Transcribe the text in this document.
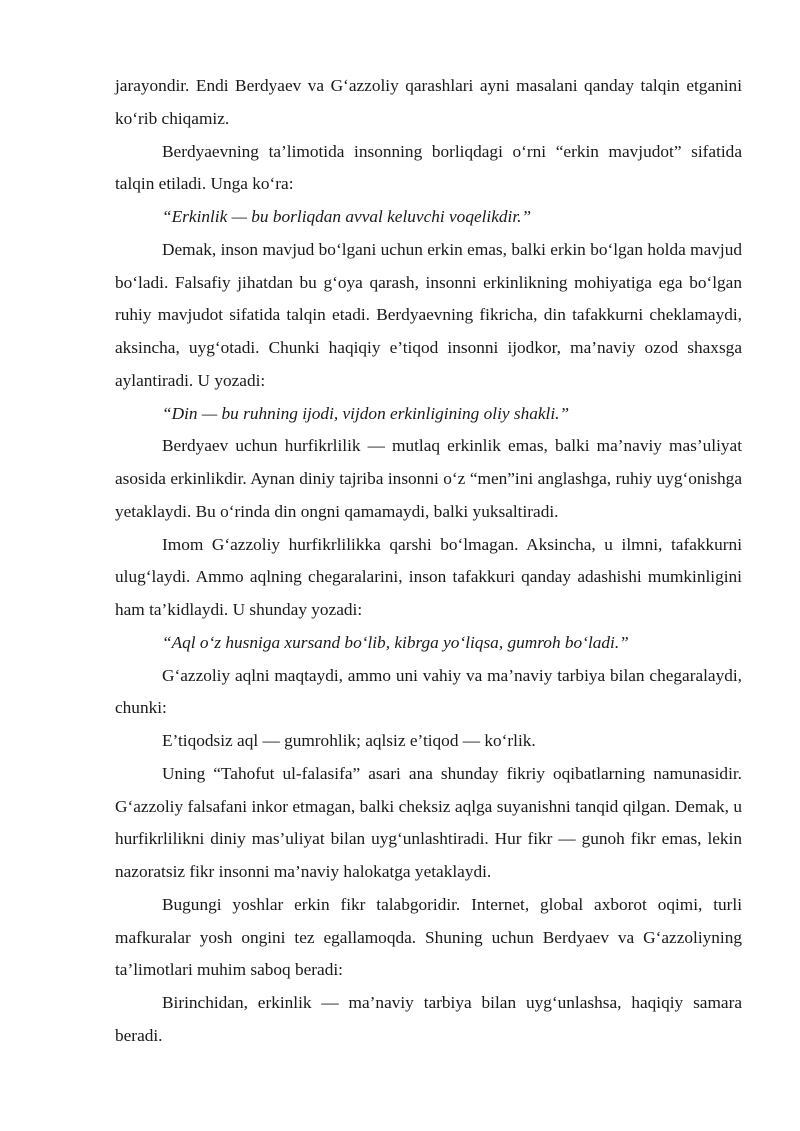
jarayondir. Endi Berdyaev va G‘azzoliy qarashlari ayni masalani qanday talqin etganini ko‘rib chiqamiz.

Berdyaevning ta’limotida insonning borliqdagi o‘rni “erkin mavjudot” sifatida talqin etiladi. Unga ko‘ra:

“Erkinlik — bu borliqdan avval keluvchi voqelikdir.”

Demak, inson mavjud bo‘lgani uchun erkin emas, balki erkin bo‘lgan holda mavjud bo‘ladi. Falsafiy jihatdan bu g‘oya qarash, insonni erkinlikning mohiyatiga ega bo‘lgan ruhiy mavjudot sifatida talqin etadi. Berdyaevning fikricha, din tafakkurni cheklamaydi, aksincha, uyg‘otadi. Chunki haqiqiy e’tiqod insonni ijodkor, ma’naviy ozod shaxsga aylantiradi. U yozadi:

“Din — bu ruhning ijodi, vijdon erkinligining oliy shakli.”

Berdyaev uchun hurfikrlilik — mutlaq erkinlik emas, balki ma’naviy mas’uliyat asosida erkinlikdir. Aynan diniy tajriba insonni o‘z “men”ini anglashga, ruhiy uyg‘onishga yetaklaydi. Bu o‘rinda din ongni qamamaydi, balki yuksaltiradi.

Imom G‘azzoliy hurfikrlilikka qarshi bo‘lmagan. Aksincha, u ilmni, tafakkurni ulug‘laydi. Ammo aqlning chegaralarini, inson tafakkuri qanday adashishi mumkinligini ham ta’kidlaydi. U shunday yozadi:

“Aql o‘z husniga xursand bo‘lib, kibrga yo‘liqsa, gumroh bo‘ladi.”

G‘azzoliy aqlni maqtaydi, ammo uni vahiy va ma’naviy tarbiya bilan chegaralaydi, chunki:

E’tiqodsiz aql — gumrohlik; aqlsiz e’tiqod — ko‘rlik.

Uning “Tahofut ul-falasifa” asari ana shunday fikriy oqibatlarning namunasidir. G‘azzoliy falsafani inkor etmagan, balki cheksiz aqlga suyanishni tanqid qilgan. Demak, u hurfikrlilikni diniy mas’uliyat bilan uyg‘unlashtiradi. Hur fikr — gunoh fikr emas, lekin nazoratsiz fikr insonni ma’naviy halokatga yetaklaydi.

Bugungi yoshlar erkin fikr talabgoridir. Internet, global axborot oqimi, turli mafkuralar yosh ongini tez egallamoqda. Shuning uchun Berdyaev va G‘azzoliyning ta’limotlari muhim saboq beradi:

Birinchidan, erkinlik — ma’naviy tarbiya bilan uyg‘unlashsa, haqiqiy samara beradi.
